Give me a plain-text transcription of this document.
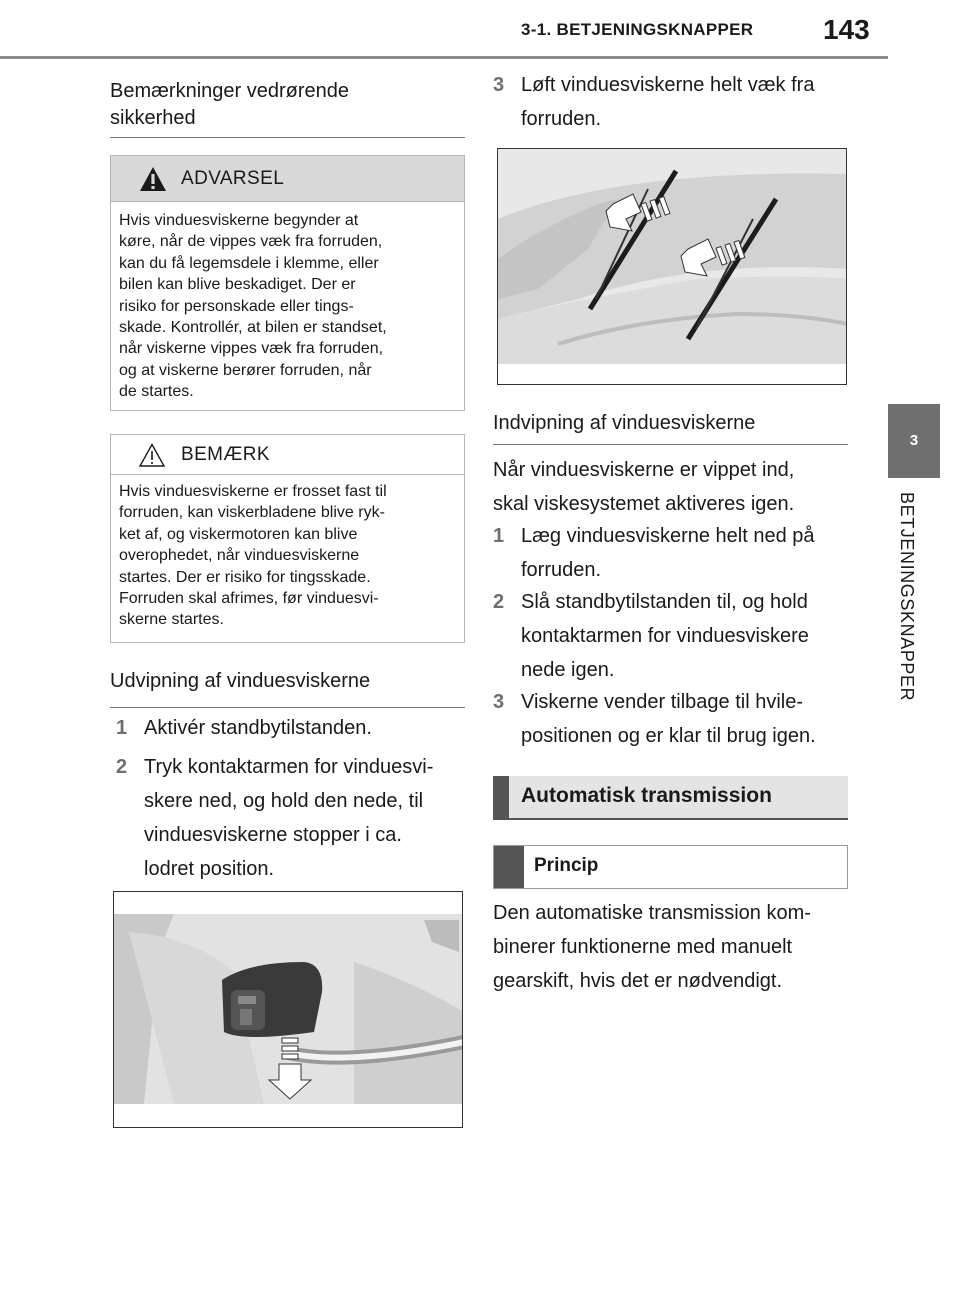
3-1. BETJENINGSKNAPPER 143
3
BETJENINGSKNAPPER
Bemærkninger vedrørende
sikkerhed
ADVARSEL
Hvis vinduesviskerne begynder at
køre, når de vippes væk fra forruden,
kan du få legemsdele i klemme, eller
bilen kan blive beskadiget. Der er
risiko for personskade eller tings-
skade. Kontrollér, at bilen er standset,
når viskerne vippes væk fra forruden,
og at viskerne berører forruden, når
de startes.
BEMÆRK
Hvis vinduesviskerne er frosset fast til
forruden, kan viskerbladene blive ryk-
ket af, og viskermotoren kan blive
overophedet, når vinduesviskerne
startes. Der er risiko for tingsskade.
Forruden skal afrimes, før vinduesvi-
skerne startes.
Udvipning af vinduesviskerne
1 Aktivér standbytilstanden.
2 Tryk kontaktarmen for vinduesvi-
skere ned, og hold den nede, til
vinduesviskerne stopper i ca.
lodret position.
3 Løft vinduesviskerne helt væk fra
forruden.
Indvipning af vinduesviskerne
Når vinduesviskerne er vippet ind,
skal viskesystemet aktiveres igen.
1 Læg vinduesviskerne helt ned på
forruden.
2 Slå standbytilstanden til, og hold
kontaktarmen for vinduesviskere
nede igen.
3 Viskerne vender tilbage til hvile-
positionen og er klar til brug igen.
Automatisk transmission
Princip
Den automatiske transmission kom-
binerer funktionerne med manuelt
gearskift, hvis det er nødvendigt.
